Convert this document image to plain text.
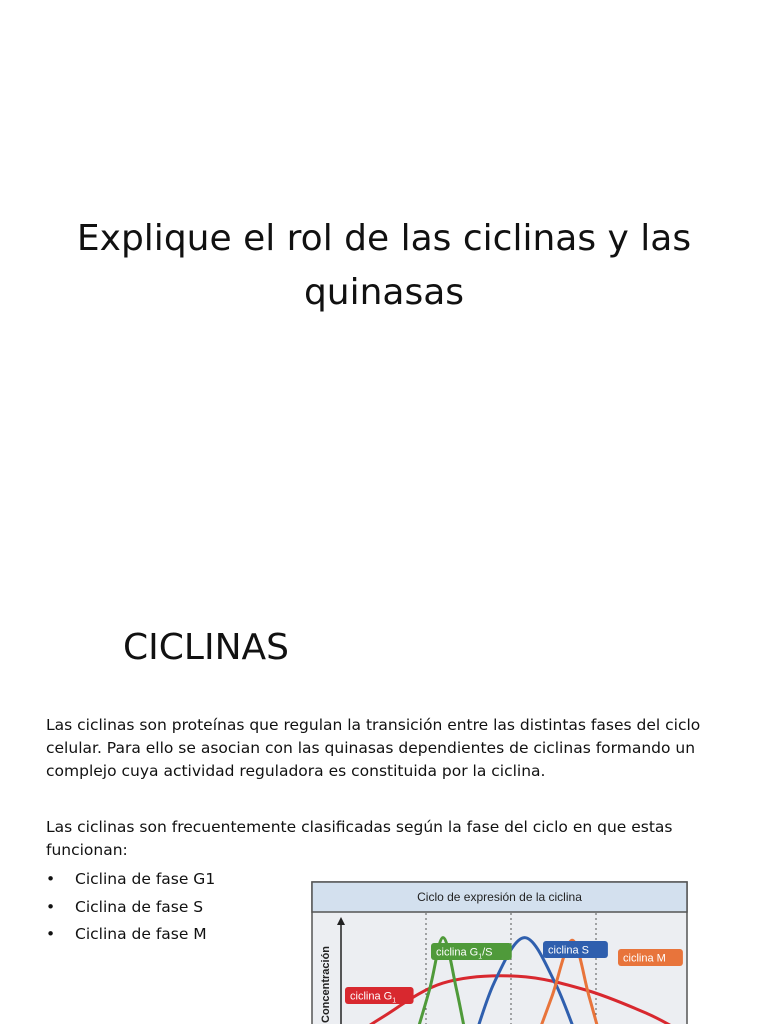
Explique el rol de las ciclinas y las
quinasas
CICLINAS

Las ciclinas son proteínas que regulan la transición entre las distintas fases del ciclo
celular. Para ello se asocian con las quinasas dependientes de ciclinas formando un
complejo cuya actividad reguladora es constituida por la ciclina.

Las ciclinas son frecuentemente clasificadas según la fase del ciclo en que estas
funcionan:

• Ciclina de fase G1
• Ciclina de fase S
• Ciclina de fase M
Ciclo de expresión de la ciclina
Concentración ciclina $G_1$
ciclina $G_1/S$	ciclina S
ciclina M
